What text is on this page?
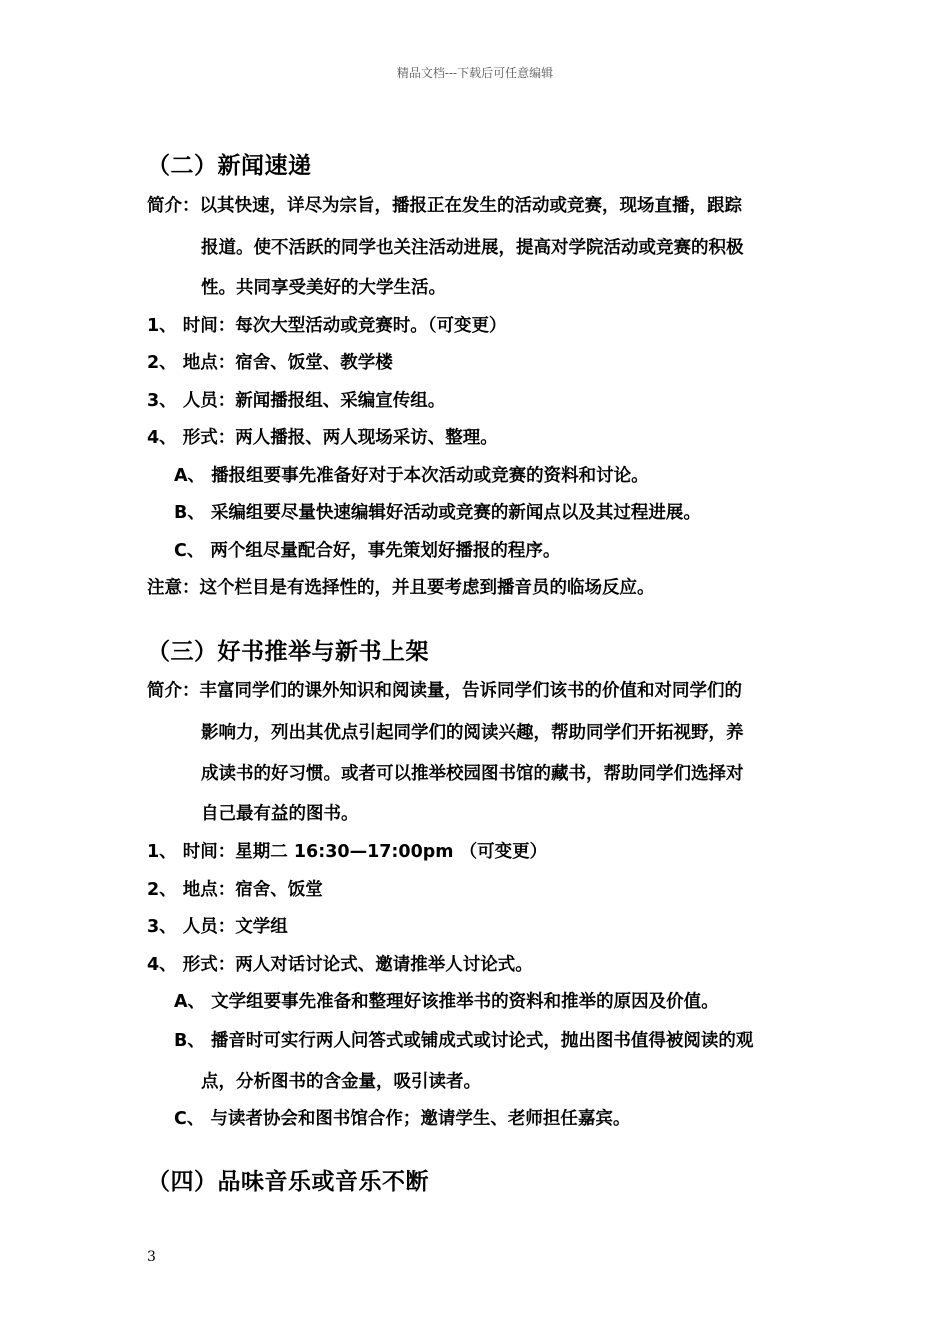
精品文档---下载后可任意编辑
（二）新闻速递
简介：以其快速，详尽为宗旨，播报正在发生的活动或竞赛，现场直播，跟踪
报道。使不活跃的同学也关注活动进展，提高对学院活动或竞赛的积极
性。共同享受美好的大学生活。
1、 时间：每次大型活动或竞赛时。（可变更）
2、 地点：宿舍、饭堂、教学楼
3、 人员：新闻播报组、采编宣传组。
4、 形式：两人播报、两人现场采访、整理。
A、 播报组要事先准备好对于本次活动或竞赛的资料和讨论。
B、 采编组要尽量快速编辑好活动或竞赛的新闻点以及其过程进展。
C、 两个组尽量配合好，事先策划好播报的程序。
注意：这个栏目是有选择性的，并且要考虑到播音员的临场反应。
（三）好书推举与新书上架
简介：丰富同学们的课外知识和阅读量，告诉同学们该书的价值和对同学们的
影响力，列出其优点引起同学们的阅读兴趣，帮助同学们开拓视野，养
成读书的好习惯。或者可以推举校园图书馆的藏书，帮助同学们选择对
自己最有益的图书。
1、 时间：星期二 16:30—17:00pm （可变更）
2、 地点：宿舍、饭堂
3、 人员：文学组
4、 形式：两人对话讨论式、邀请推举人讨论式。
A、 文学组要事先准备和整理好该推举书的资料和推举的原因及价值。
B、 播音时可实行两人问答式或铺成式或讨论式，抛出图书值得被阅读的观
点，分析图书的含金量，吸引读者。
C、 与读者协会和图书馆合作；邀请学生、老师担任嘉宾。
（四）品味音乐或音乐不断
3
